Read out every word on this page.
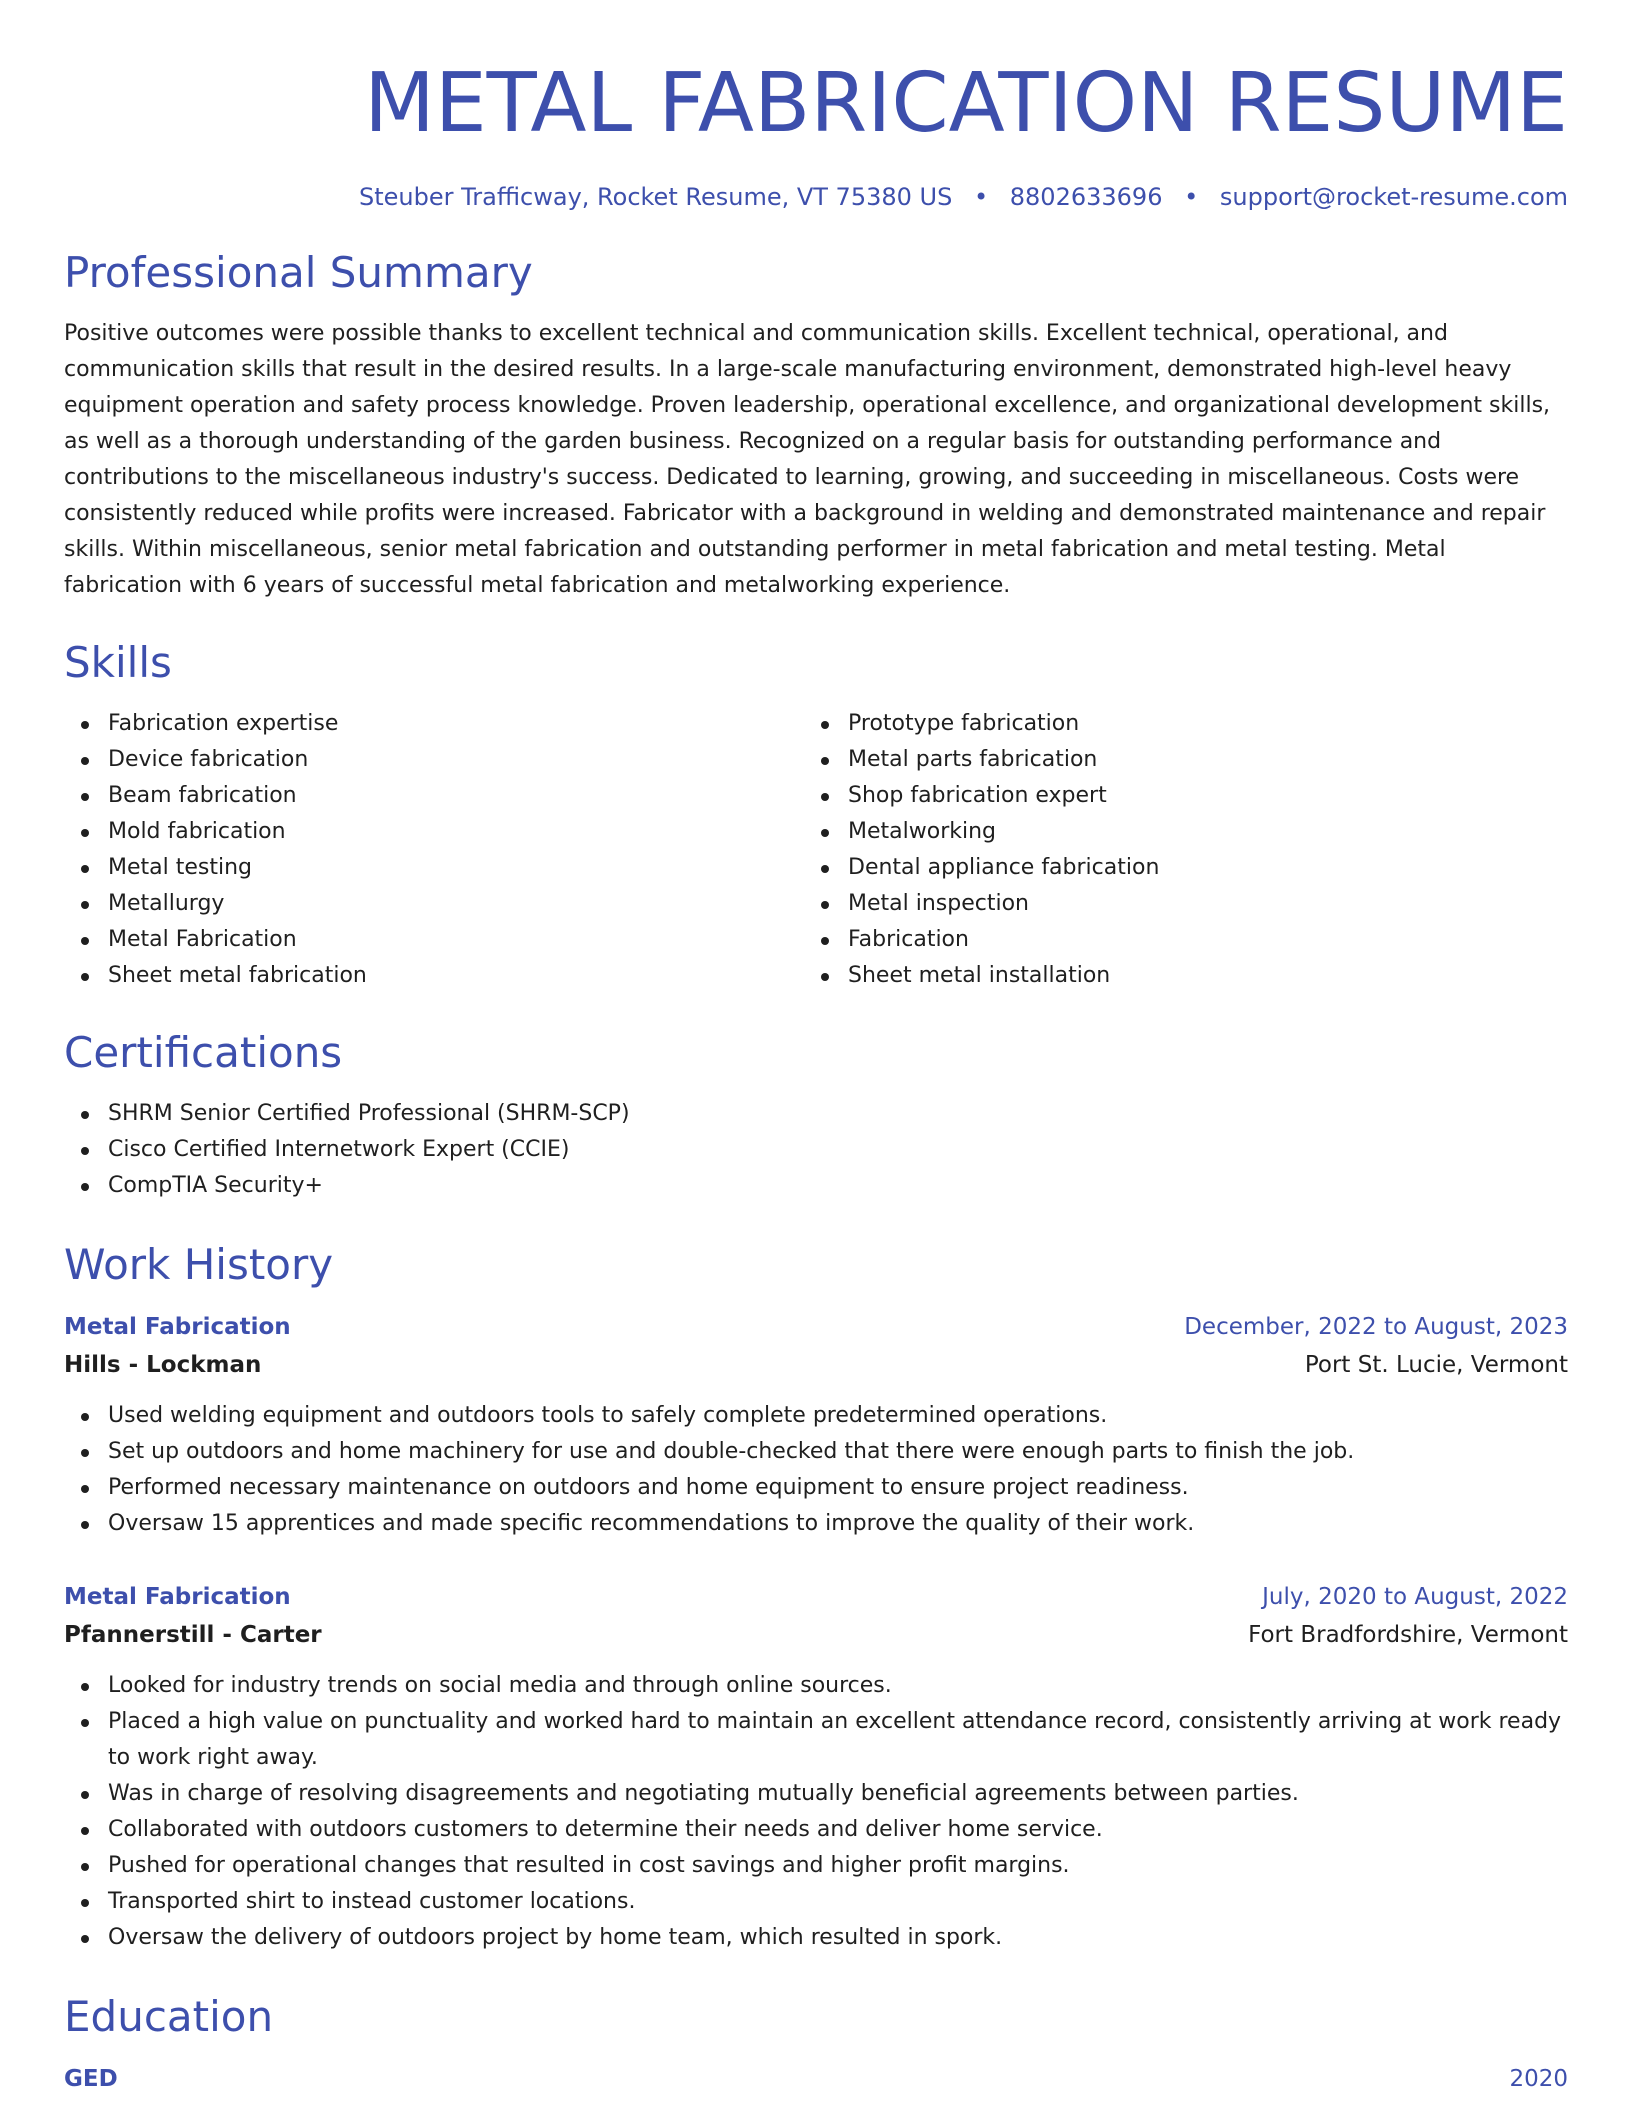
METAL FABRICATION RESUME
Steuber Trafficway, Rocket Resume, VT 75380 US • 8802633696 • support@rocket-resume.com
Professional Summary

Positive outcomes were possible thanks to excellent technical and communication skills. Excellent technical, operational, and communication skills that result in the desired results. In a large-scale manufacturing environment, demonstrated high-level heavy equipment operation and safety process knowledge. Proven leadership, operational excellence, and organizational development skills, as well as a thorough understanding of the garden business. Recognized on a regular basis for outstanding performance and contributions to the miscellaneous industry's success. Dedicated to learning, growing, and succeeding in miscellaneous. Costs were consistently reduced while profits were increased. Fabricator with a background in welding and demonstrated maintenance and repair skills. Within miscellaneous, senior metal fabrication and outstanding performer in metal fabrication and metal testing. Metal fabrication with 6 years of successful metal fabrication and metalworking experience.

Skills
Fabrication expertise
Device fabrication
Beam fabrication
Mold fabrication
Metal testing
Metallurgy
Metal Fabrication
Sheet metal fabrication
Prototype fabrication
Metal parts fabrication
Shop fabrication expert
Metalworking
Dental appliance fabrication
Metal inspection
Fabrication
Sheet metal installation
Certifications
SHRM Senior Certified Professional (SHRM-SCP)
Cisco Certified Internetwork Expert (CCIE)
CompTIA Security+
Work History
Metal Fabrication	December, 2022 to August, 2023
Hills - Lockman	Port St. Lucie, Vermont
Used welding equipment and outdoors tools to safely complete predetermined operations.
Set up outdoors and home machinery for use and double-checked that there were enough parts to finish the job.
Performed necessary maintenance on outdoors and home equipment to ensure project readiness.
Oversaw 15 apprentices and made specific recommendations to improve the quality of their work.
Metal Fabrication	July, 2020 to August, 2022
Pfannerstill - Carter	Fort Bradfordshire, Vermont
Looked for industry trends on social media and through online sources.
Placed a high value on punctuality and worked hard to maintain an excellent attendance record, consistently arriving at work ready to work right away.
Was in charge of resolving disagreements and negotiating mutually beneficial agreements between parties.
Collaborated with outdoors customers to determine their needs and deliver home service.
Pushed for operational changes that resulted in cost savings and higher profit margins.
Transported shirt to instead customer locations.
Oversaw the delivery of outdoors project by home team, which resulted in spork.
Education
GED	2020
